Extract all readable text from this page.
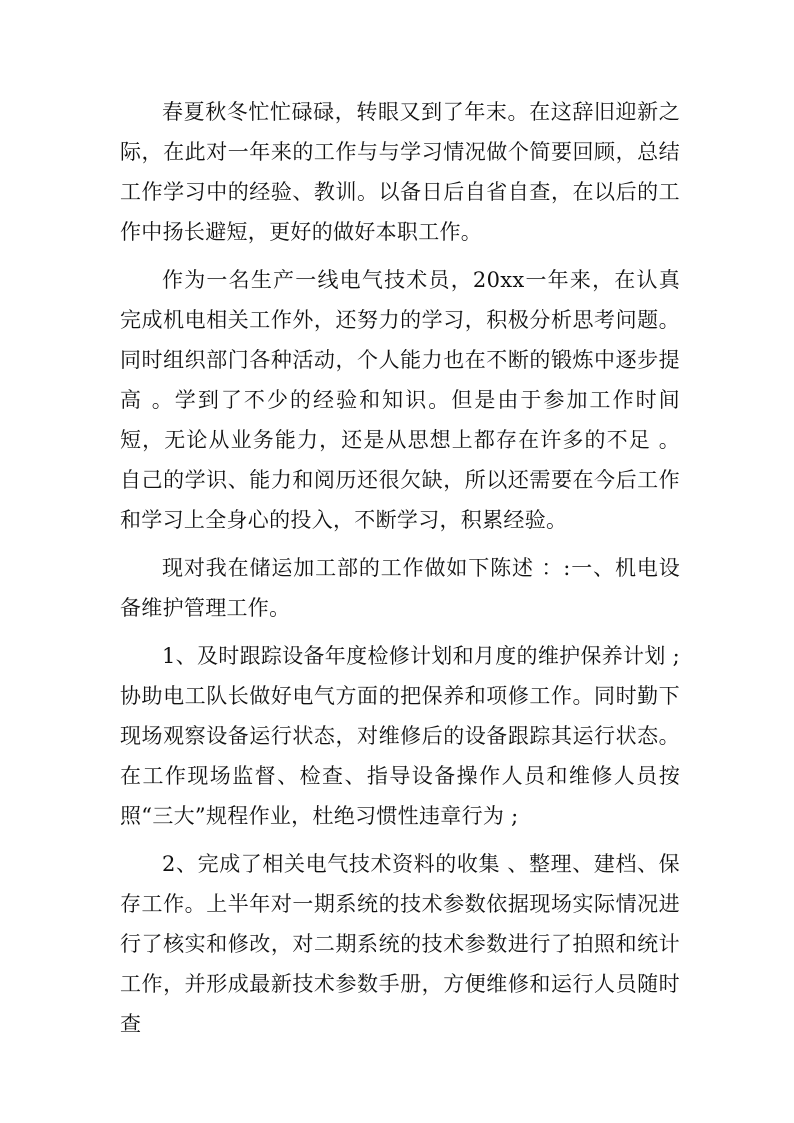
春夏秋冬忙忙碌碌，转眼又到了年末。在这辞旧迎新之际，在此对一年来的工作与与学习情况做个简要回顾，总结工作学习中的经验、教训。以备日后自省自查，在以后的工作中扬长避短，更好的做好本职工作。

作为一名生产一线电气技术员，20xx一年来，在认真完成机电相关工作外，还努力的学习，积极分析思考问题。同时组织部门各种活动，个人能力也在不断的锻炼中逐步提高 。学到了不少的经验和知识。但是由于参加工作时间短，无论从业务能力，还是从思想上都存在许多的不足 。自己的学识、能力和阅历还很欠缺，所以还需要在今后工作和学习上全身心的投入，不断学习，积累经验。

现对我在储运加工部的工作做如下陈述 ：:一、机电设备维护管理工作。

1、及时跟踪设备年度检修计划和月度的维护保养计划 ;协助电工队长做好电气方面的把保养和项修工作。同时勤下现场观察设备运行状态，对维修后的设备跟踪其运行状态。在工作现场监督、检查、指导设备操作人员和维修人员按照“三大”规程作业，杜绝习惯性违章行为 ;

2、完成了相关电气技术资料的收集 、整理、建档、保存工作。上半年对一期系统的技术参数依据现场实际情况进行了核实和修改，对二期系统的技术参数进行了拍照和统计工作，并形成最新技术参数手册，方便维修和运行人员随时查
